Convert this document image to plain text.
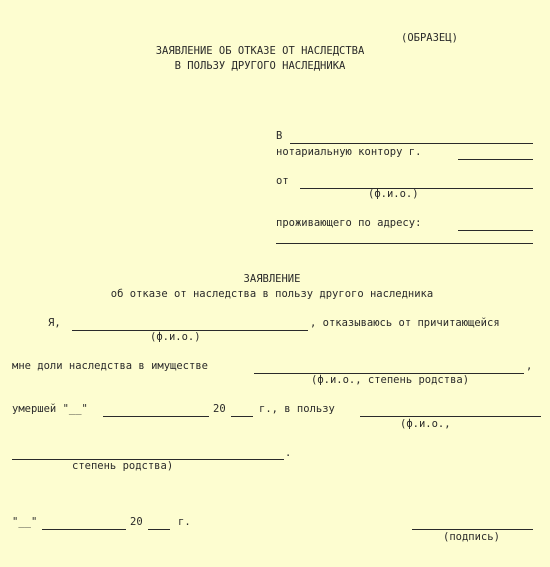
(ОБРАЗЕЦ)
ЗАЯВЛЕНИЕ ОБ ОТКАЗЕ ОТ НАСЛЕДСТВА
В ПОЛЬЗУ ДРУГОГО НАСЛЕДНИКА
В
нотариальную контору г.
от
(ф.и.о.)
проживающего по адресу:
ЗАЯВЛЕНИЕ
об отказе от наследства в пользу другого наследника
Я,	, отказываюсь от причитающейся
(ф.и.о.)
мне доли наследства в имуществе	,
(ф.и.о., степень родства)
умершей "__"	20	г., в пользу
(ф.и.о.,
.
степень родства)
"__"	20	г.
(подпись)
